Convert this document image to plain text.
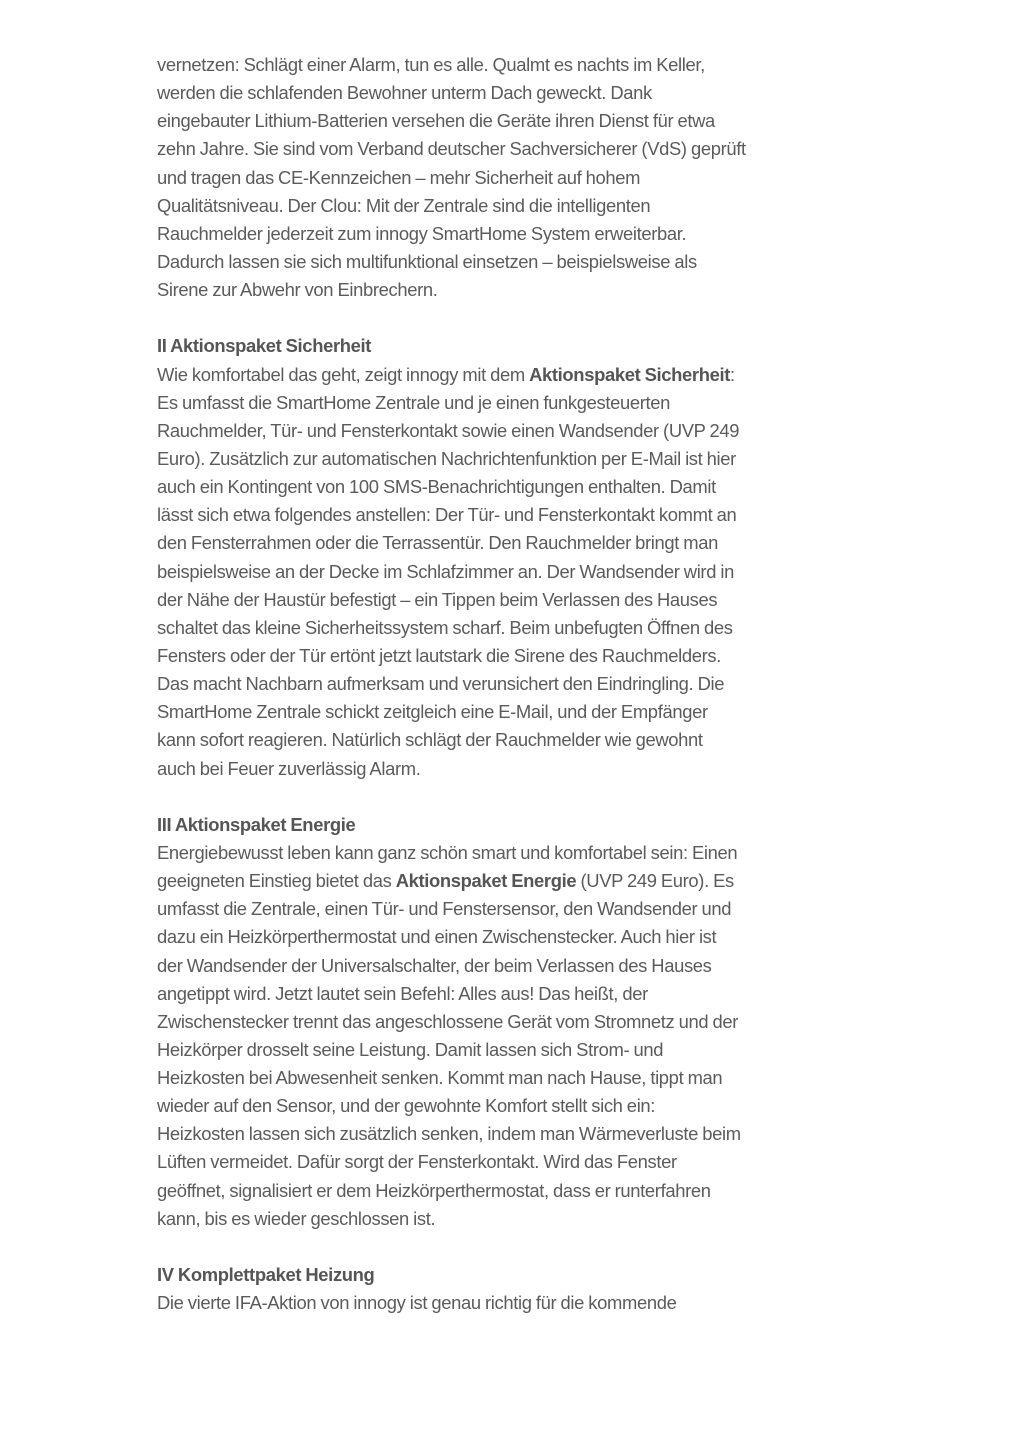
vernetzen: Schlägt einer Alarm, tun es alle. Qualmt es nachts im Keller,
werden die schlafenden Bewohner unterm Dach geweckt. Dank
eingebauter Lithium-Batterien versehen die Geräte ihren Dienst für etwa
zehn Jahre. Sie sind vom Verband deutscher Sachversicherer (VdS) geprüft
und tragen das CE-Kennzeichen – mehr Sicherheit auf hohem
Qualitätsniveau. Der Clou: Mit der Zentrale sind die intelligenten
Rauchmelder jederzeit zum innogy SmartHome System erweiterbar.
Dadurch lassen sie sich multifunktional einsetzen – beispielsweise als
Sirene zur Abwehr von Einbrechern.
II Aktionspaket Sicherheit
Wie komfortabel das geht, zeigt innogy mit dem Aktionspaket Sicherheit:
Es umfasst die SmartHome Zentrale und je einen funkgesteuerten
Rauchmelder, Tür- und Fensterkontakt sowie einen Wandsender (UVP 249
Euro). Zusätzlich zur automatischen Nachrichtenfunktion per E-Mail ist hier
auch ein Kontingent von 100 SMS-Benachrichtigungen enthalten. Damit
lässt sich etwa folgendes anstellen: Der Tür- und Fensterkontakt kommt an
den Fensterrahmen oder die Terrassentür. Den Rauchmelder bringt man
beispielsweise an der Decke im Schlafzimmer an. Der Wandsender wird in
der Nähe der Haustür befestigt – ein Tippen beim Verlassen des Hauses
schaltet das kleine Sicherheitssystem scharf. Beim unbefugten Öffnen des
Fensters oder der Tür ertönt jetzt lautstark die Sirene des Rauchmelders.
Das macht Nachbarn aufmerksam und verunsichert den Eindringling. Die
SmartHome Zentrale schickt zeitgleich eine E-Mail, und der Empfänger
kann sofort reagieren. Natürlich schlägt der Rauchmelder wie gewohnt
auch bei Feuer zuverlässig Alarm.
III Aktionspaket Energie
Energiebewusst leben kann ganz schön smart und komfortabel sein: Einen
geeigneten Einstieg bietet das Aktionspaket Energie (UVP 249 Euro). Es
umfasst die Zentrale, einen Tür- und Fenstersensor, den Wandsender und
dazu ein Heizkörperthermostat und einen Zwischenstecker. Auch hier ist
der Wandsender der Universalschalter, der beim Verlassen des Hauses
angetippt wird. Jetzt lautet sein Befehl: Alles aus! Das heißt, der
Zwischenstecker trennt das angeschlossene Gerät vom Stromnetz und der
Heizkörper drosselt seine Leistung. Damit lassen sich Strom- und
Heizkosten bei Abwesenheit senken. Kommt man nach Hause, tippt man
wieder auf den Sensor, und der gewohnte Komfort stellt sich ein:
Heizkosten lassen sich zusätzlich senken, indem man Wärmeverluste beim
Lüften vermeidet. Dafür sorgt der Fensterkontakt. Wird das Fenster
geöffnet, signalisiert er dem Heizkörperthermostat, dass er runterfahren
kann, bis es wieder geschlossen ist.
IV Komplettpaket Heizung
Die vierte IFA-Aktion von innogy ist genau richtig für die kommende
